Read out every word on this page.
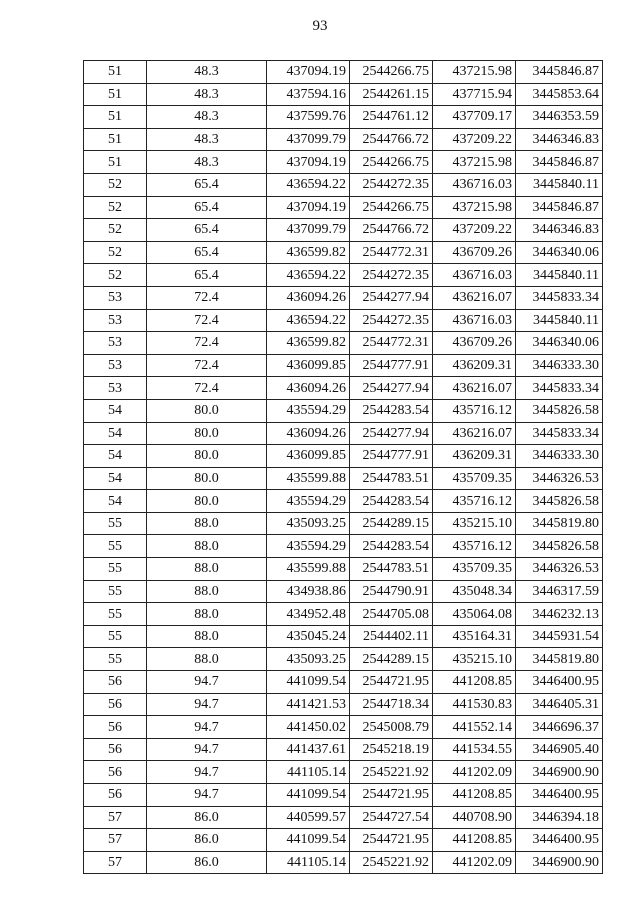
93
51	48.3	437094.19	2544266.75	437215.98	3445846.87
51	48.3	437594.16	2544261.15	437715.94	3445853.64
51	48.3	437599.76	2544761.12	437709.17	3446353.59
51	48.3	437099.79	2544766.72	437209.22	3446346.83
51	48.3	437094.19	2544266.75	437215.98	3445846.87
52	65.4	436594.22	2544272.35	436716.03	3445840.11
52	65.4	437094.19	2544266.75	437215.98	3445846.87
52	65.4	437099.79	2544766.72	437209.22	3446346.83
52	65.4	436599.82	2544772.31	436709.26	3446340.06
52	65.4	436594.22	2544272.35	436716.03	3445840.11
53	72.4	436094.26	2544277.94	436216.07	3445833.34
53	72.4	436594.22	2544272.35	436716.03	3445840.11
53	72.4	436599.82	2544772.31	436709.26	3446340.06
53	72.4	436099.85	2544777.91	436209.31	3446333.30
53	72.4	436094.26	2544277.94	436216.07	3445833.34
54	80.0	435594.29	2544283.54	435716.12	3445826.58
54	80.0	436094.26	2544277.94	436216.07	3445833.34
54	80.0	436099.85	2544777.91	436209.31	3446333.30
54	80.0	435599.88	2544783.51	435709.35	3446326.53
54	80.0	435594.29	2544283.54	435716.12	3445826.58
55	88.0	435093.25	2544289.15	435215.10	3445819.80
55	88.0	435594.29	2544283.54	435716.12	3445826.58
55	88.0	435599.88	2544783.51	435709.35	3446326.53
55	88.0	434938.86	2544790.91	435048.34	3446317.59
55	88.0	434952.48	2544705.08	435064.08	3446232.13
55	88.0	435045.24	2544402.11	435164.31	3445931.54
55	88.0	435093.25	2544289.15	435215.10	3445819.80
56	94.7	441099.54	2544721.95	441208.85	3446400.95
56	94.7	441421.53	2544718.34	441530.83	3446405.31
56	94.7	441450.02	2545008.79	441552.14	3446696.37
56	94.7	441437.61	2545218.19	441534.55	3446905.40
56	94.7	441105.14	2545221.92	441202.09	3446900.90
56	94.7	441099.54	2544721.95	441208.85	3446400.95
57	86.0	440599.57	2544727.54	440708.90	3446394.18
57	86.0	441099.54	2544721.95	441208.85	3446400.95
57	86.0	441105.14	2545221.92	441202.09	3446900.90
